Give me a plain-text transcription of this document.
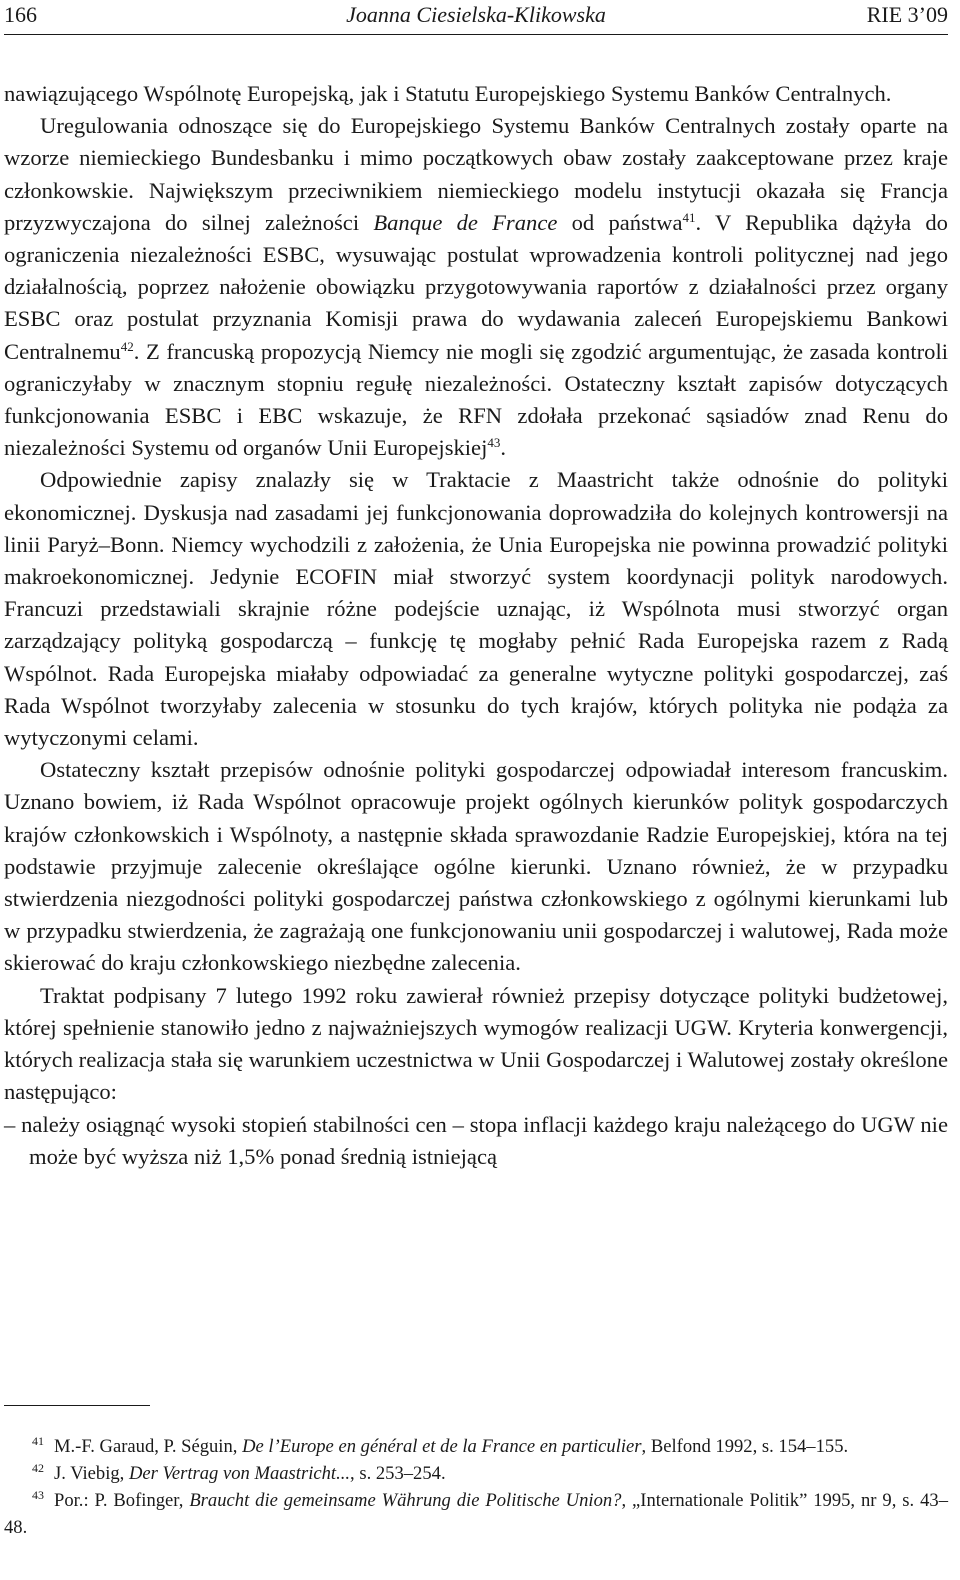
166	Joanna Ciesielska-Klikowska	RIE 3’09

nawiązującego Wspólnotę Europejską, jak i Statutu Europejskiego Systemu Banków Centralnych.

Uregulowania odnoszące się do Europejskiego Systemu Banków Centralnych zostały oparte na wzorze niemieckiego Bundesbanku i mimo początkowych obaw zostały zaakceptowane przez kraje członkowskie. Największym przeciwnikiem niemieckiego modelu instytucji okazała się Francja przyzwyczajona do silnej zależności Banque de France od państwa$^{41}$. V Republika dążyła do ograniczenia niezależności ESBC, wysuwając postulat wprowadzenia kontroli politycznej nad jego działalnością, poprzez nałożenie obowiązku przygotowywania raportów z działalności przez organy ESBC oraz postulat przyznania Komisji prawa do wydawania zaleceń Europejskiemu Bankowi Centralnemu$^{42}$. Z francuską propozycją Niemcy nie mogli się zgodzić argumentując, że zasada kontroli ograniczyłaby w znacznym stopniu regułę niezależności. Ostateczny kształt zapisów dotyczących funkcjonowania ESBC i EBC wskazuje, że RFN zdołała przekonać sąsiadów znad Renu do niezależności Systemu od organów Unii Europejskiej$^{43}$.

Odpowiednie zapisy znalazły się w Traktacie z Maastricht także odnośnie do polityki ekonomicznej. Dyskusja nad zasadami jej funkcjonowania doprowadziła do kolejnych kontrowersji na linii Paryż–Bonn. Niemcy wychodzili z założenia, że Unia Europejska nie powinna prowadzić polityki makroekonomicznej. Jedynie ECOFIN miał stworzyć system koordynacji polityk narodowych. Francuzi przedstawiali skrajnie różne podejście uznając, iż Wspólnota musi stworzyć organ zarządzający polityką gospodarczą – funkcję tę mogłaby pełnić Rada Europejska razem z Radą Wspólnot. Rada Europejska miałaby odpowiadać za generalne wytyczne polityki gospodarczej, zaś Rada Wspólnot tworzyłaby zalecenia w stosunku do tych krajów, których polityka nie podąża za wytyczonymi celami.

Ostateczny kształt przepisów odnośnie polityki gospodarczej odpowiadał interesom francuskim. Uznano bowiem, iż Rada Wspólnot opracowuje projekt ogólnych kierunków polityk gospodarczych krajów członkowskich i Wspólnoty, a następnie składa sprawozdanie Radzie Europejskiej, która na tej podstawie przyjmuje zalecenie określające ogólne kierunki. Uznano również, że w przypadku stwierdzenia niezgodności polityki gospodarczej państwa członkowskiego z ogólnymi kierunkami lub w przypadku stwierdzenia, że zagrażają one funkcjonowaniu unii gospodarczej i walutowej, Rada może skierować do kraju członkowskiego niezbędne zalecenia.

Traktat podpisany 7 lutego 1992 roku zawierał również przepisy dotyczące polityki budżetowej, której spełnienie stanowiło jedno z najważniejszych wymogów realizacji UGW. Kryteria konwergencji, których realizacja stała się warunkiem uczestnictwa w Unii Gospodarczej i Walutowej zostały określone następująco:

– należy osiągnąć wysoki stopień stabilności cen – stopa inflacji każdego kraju należącego do UGW nie może być wyższa niż 1,5% ponad średnią istniejącą

$^{41}$ M.-F. Garaud, P. Séguin, De l’Europe en général et de la France en particulier, Belfond 1992, s. 154–155.

$^{42}$ J. Viebig, Der Vertrag von Maastricht..., s. 253–254.

$^{43}$ Por.: P. Bofinger, Braucht die gemeinsame Währung die Politische Union?, „Internationale Politik” 1995, nr 9, s. 43–48.
